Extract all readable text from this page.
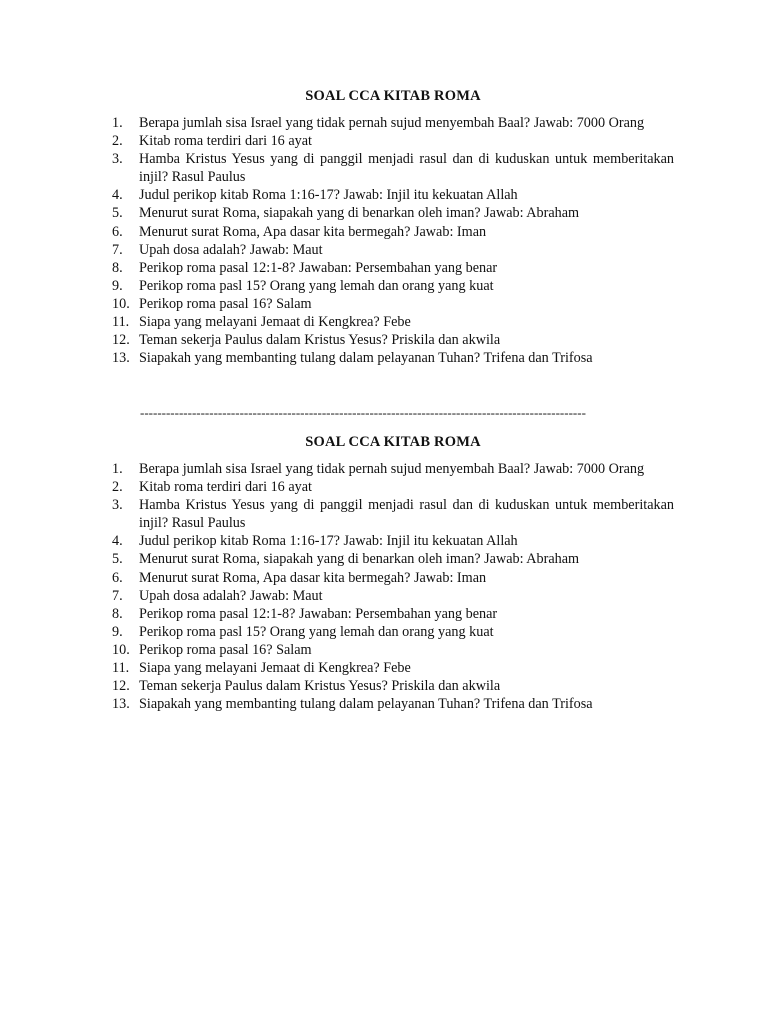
SOAL CCA KITAB ROMA
1.	Berapa jumlah sisa Israel yang tidak pernah sujud menyembah Baal? Jawab: 7000 Orang
2.	Kitab roma terdiri dari 16 ayat
3.	Hamba Kristus Yesus yang di panggil menjadi rasul dan di kuduskan untuk memberitakan injil? Rasul Paulus
4.	Judul perikop kitab Roma 1:16-17? Jawab: Injil itu kekuatan Allah
5.	Menurut surat Roma, siapakah yang di benarkan oleh iman? Jawab: Abraham
6.	Menurut surat Roma, Apa dasar kita bermegah? Jawab: Iman
7.	Upah dosa adalah? Jawab: Maut
8.	Perikop roma pasal 12:1-8? Jawaban: Persembahan yang benar
9.	Perikop roma pasl 15? Orang yang lemah dan orang yang kuat
10. Perikop roma pasal 16? Salam
11. Siapa yang melayani Jemaat di Kengkrea? Febe
12. Teman sekerja Paulus dalam Kristus Yesus? Priskila dan akwila
13. Siapakah yang membanting tulang dalam pelayanan Tuhan? Trifena dan Trifosa
-------------------------------------------------------------------------------------------------------
SOAL CCA KITAB ROMA
1.	Berapa jumlah sisa Israel yang tidak pernah sujud menyembah Baal? Jawab: 7000 Orang
2.	Kitab roma terdiri dari 16 ayat
3.	Hamba Kristus Yesus yang di panggil menjadi rasul dan di kuduskan untuk memberitakan injil? Rasul Paulus
4.	Judul perikop kitab Roma 1:16-17? Jawab: Injil itu kekuatan Allah
5.	Menurut surat Roma, siapakah yang di benarkan oleh iman? Jawab: Abraham
6.	Menurut surat Roma, Apa dasar kita bermegah? Jawab: Iman
7.	Upah dosa adalah? Jawab: Maut
8.	Perikop roma pasal 12:1-8? Jawaban: Persembahan yang benar
9.	Perikop roma pasl 15? Orang yang lemah dan orang yang kuat
10. Perikop roma pasal 16? Salam
11. Siapa yang melayani Jemaat di Kengkrea? Febe
12. Teman sekerja Paulus dalam Kristus Yesus? Priskila dan akwila
13. Siapakah yang membanting tulang dalam pelayanan Tuhan? Trifena dan Trifosa
